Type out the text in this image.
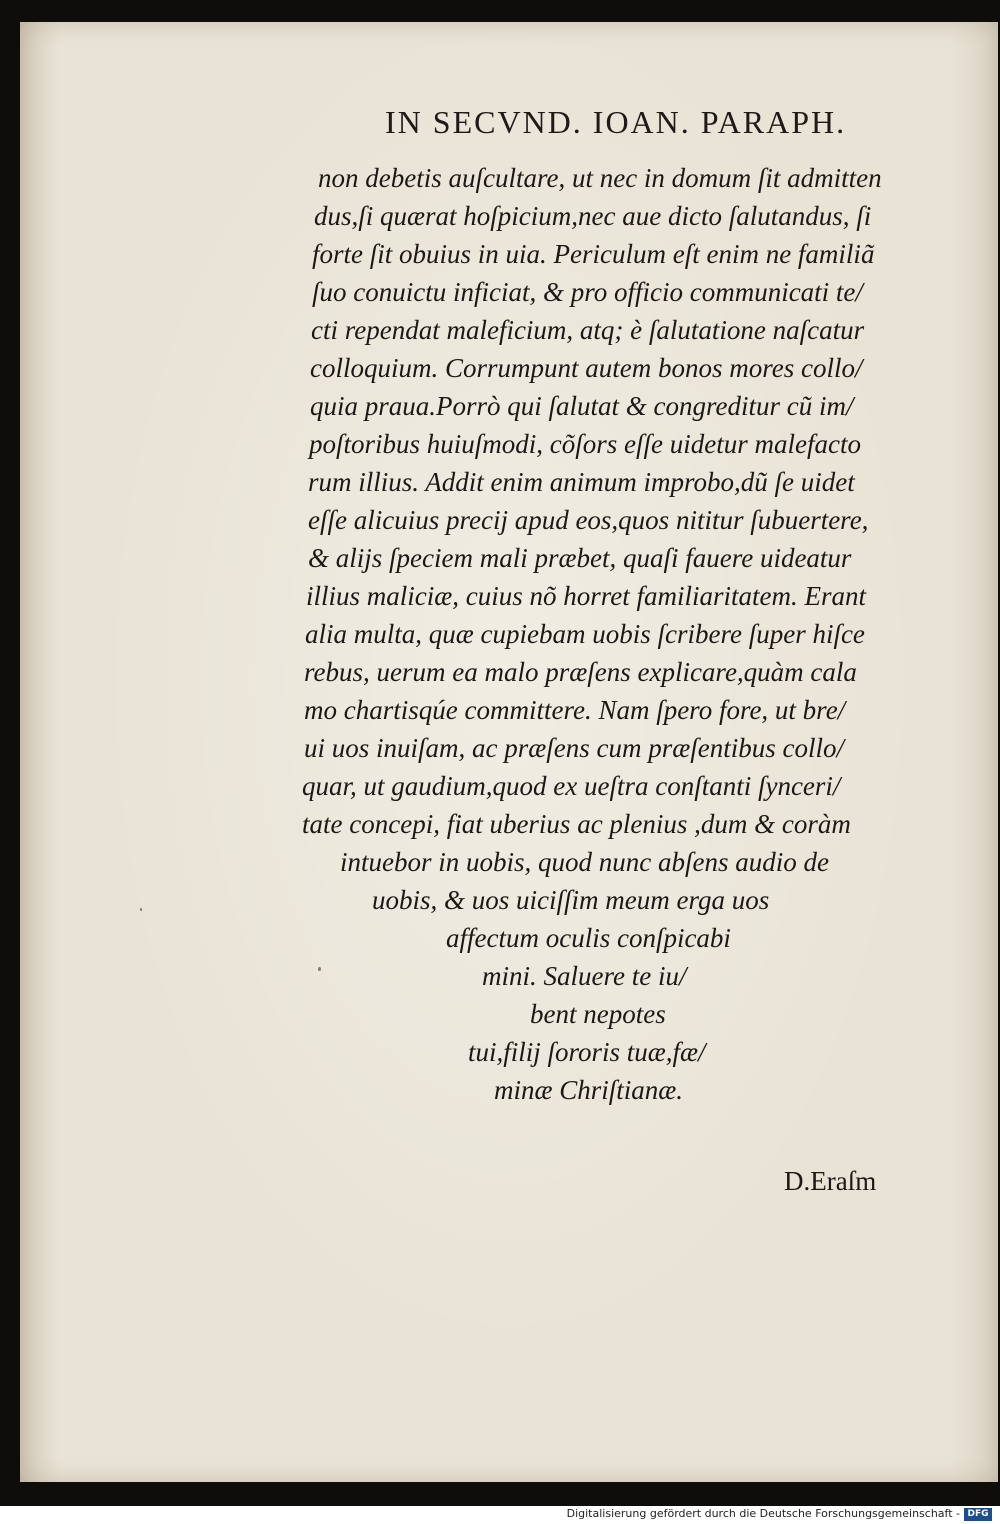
IN SECVND. IOAN. PARAPH.
non debetis auſcultare, ut nec in domum ſit admitten
dus,ſi quærat hoſpicium,nec aue dicto ſalutandus, ſi
forte ſit obuius in uia. Periculum eſt enim ne familiã
ſuo conuictu inficiat, & pro officio communicati te/
cti rependat maleficium, atq; è ſalutatione naſcatur
colloquium. Corrumpunt autem bonos mores collo/
quia praua.Porrò qui ſalutat & congreditur cũ im/
poſtoribus huiuſmodi, cõſors eſſe uidetur malefacto
rum illius. Addit enim animum improbo,dũ ſe uidet
eſſe alicuius precij apud eos,quos nititur ſubuertere,
& alijs ſpeciem mali præbet, quaſi fauere uideatur
illius maliciæ, cuius nõ horret familiaritatem. Erant
alia multa, quæ cupiebam uobis ſcribere ſuper hiſce
rebus, uerum ea malo præſens explicare,quàm cala
mo chartisqúe committere. Nam ſpero fore, ut bre/
ui uos inuiſam, ac præſens cum præſentibus collo/
quar, ut gaudium,quod ex ueſtra conſtanti ſynceri/
tate concepi, fiat uberius ac plenius ,dum & coràm
intuebor in uobis, quod nunc abſens audio de
uobis, & uos uiciſſim meum erga uos
affectum oculis conſpicabi
mini. Saluere te iu/
bent nepotes
tui,filij ſororis tuæ,fæ/
minæ Chriſtianæ.
D.Eraſm
Digitalisierung gefördert durch die Deutsche Forschungsgemeinschaft - DFG
